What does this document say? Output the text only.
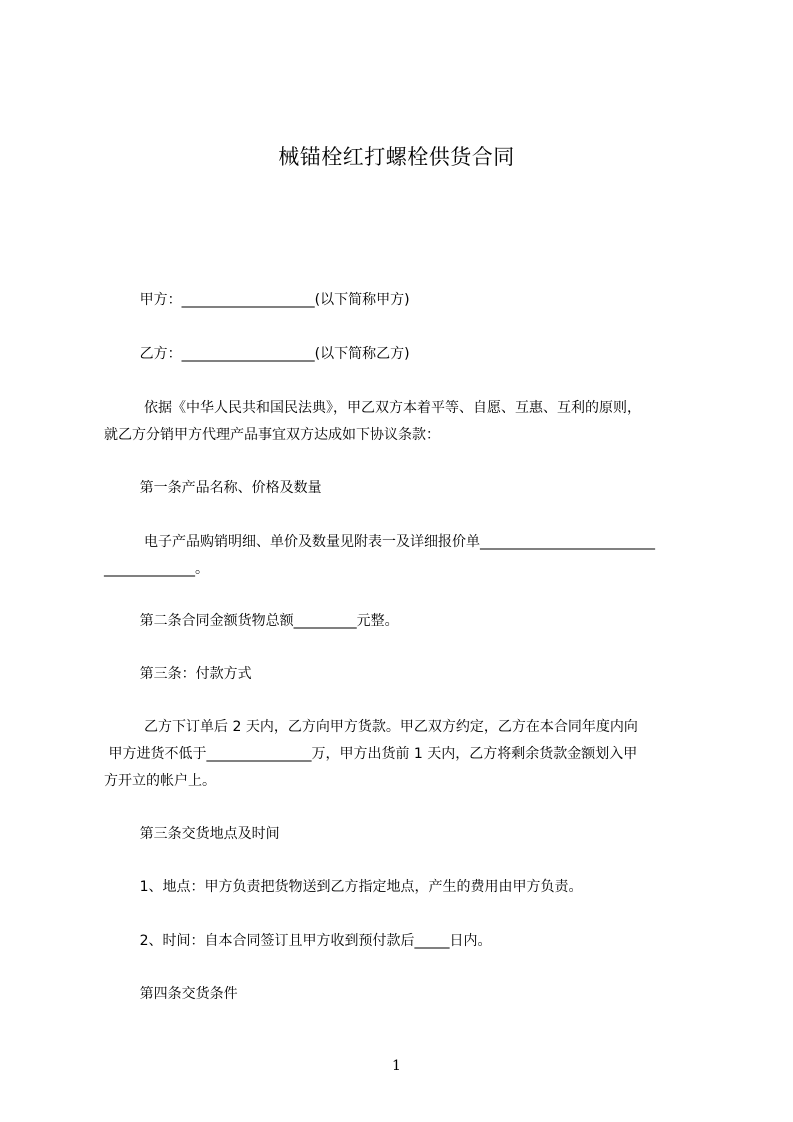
械锚栓红打螺栓供货合同
甲方：___________________(以下简称甲方)
乙方：___________________(以下简称乙方)
依据《中华人民共和国民法典》，甲乙双方本着平等、自愿、互惠、互利的原则，
就乙方分销甲方代理产品事宜双方达成如下协议条款：
第一条产品名称、价格及数量
电子产品购销明细、单价及数量见附表一及详细报价单_________________________
_____________。
第二条合同金额货物总额_________元整。
第三条：付款方式
乙方下订单后 2 天内，乙方向甲方货款。甲乙双方约定，乙方在本合同年度内向
甲方进货不低于_______________万，甲方出货前 1 天内，乙方将剩余货款金额划入甲
方开立的帐户上。
第三条交货地点及时间
1、地点：甲方负责把货物送到乙方指定地点，产生的费用由甲方负责。
2、时间：自本合同签订且甲方收到预付款后_____日内。
第四条交货条件
1
